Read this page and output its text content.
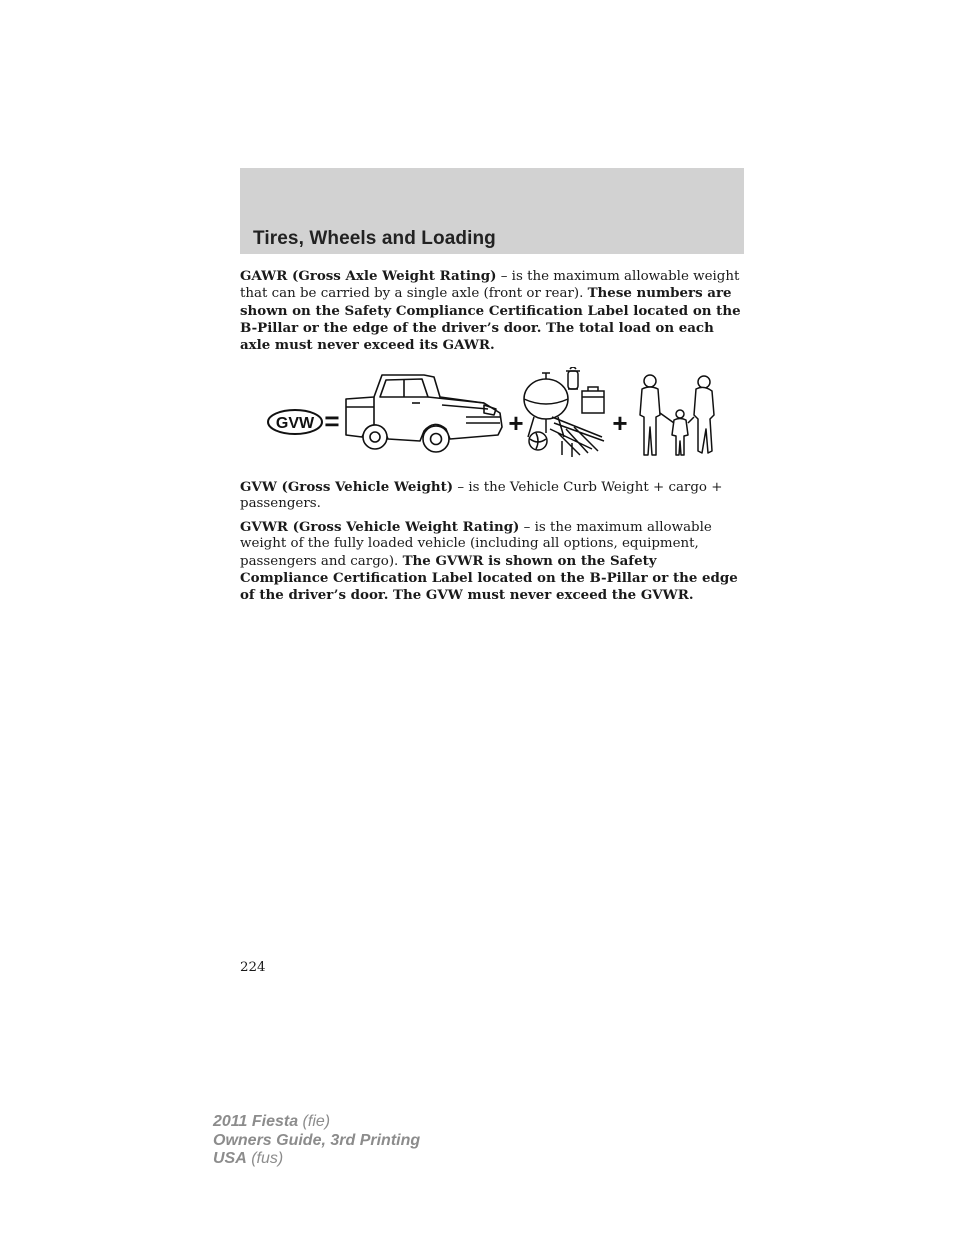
Tires, Wheels and Loading

GAWR (Gross Axle Weight Rating) – is the maximum allowable weight that can be carried by a single axle (front or rear). These numbers are shown on the Safety Compliance Certification Label located on the B-Pillar or the edge of the driver’s door. The total load on each axle must never exceed its GAWR.

GVW =	+	+

GVW (Gross Vehicle Weight) – is the Vehicle Curb Weight + cargo + passengers.

GVWR (Gross Vehicle Weight Rating) – is the maximum allowable weight of the fully loaded vehicle (including all options, equipment, passengers and cargo). The GVWR is shown on the Safety Compliance Certification Label located on the B-Pillar or the edge of the driver’s door. The GVW must never exceed the GVWR.

224
2011 Fiesta (fie)
Owners Guide, 3rd Printing
USA (fus)
